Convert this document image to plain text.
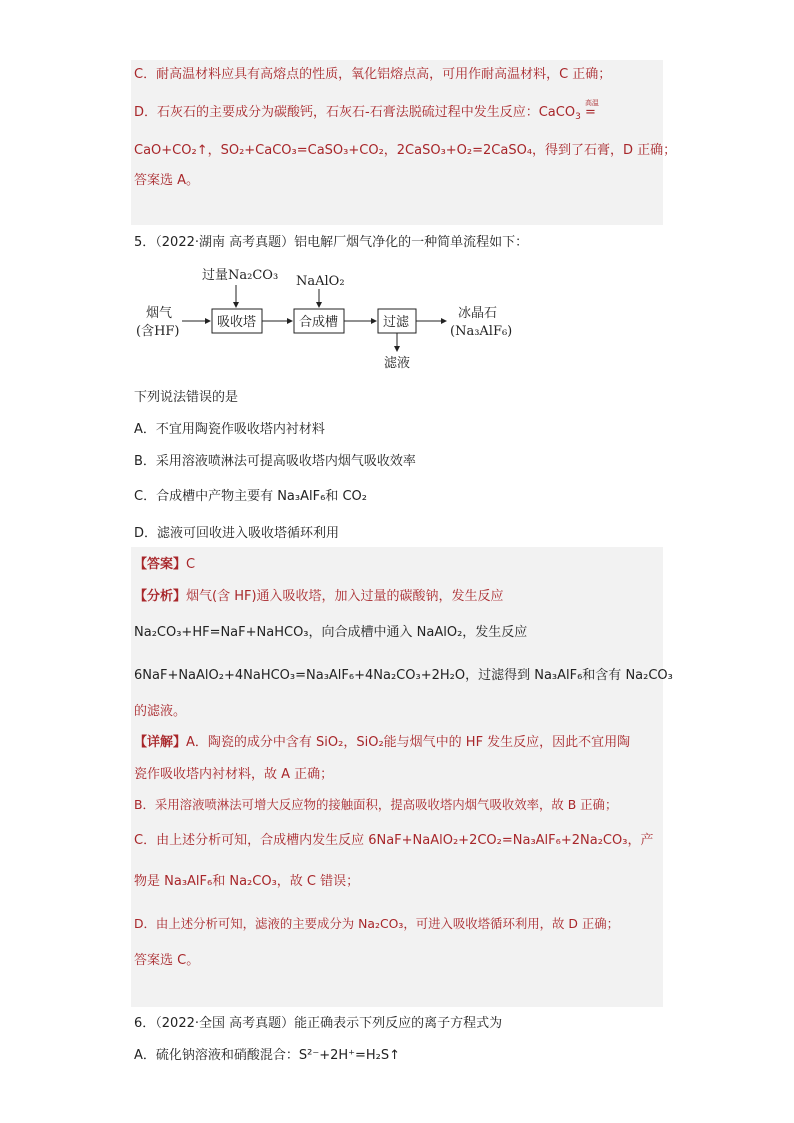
C．耐高温材料应具有高熔点的性质，氧化铝熔点高，可用作耐高温材料，C 正确；
D．石灰石的主要成分为碳酸钙，石灰石-石膏法脱硫过程中发生反应：CaCO$_3$
高温
=
CaO+CO₂↑，SO₂+CaCO₃=CaSO₃+CO₂，2CaSO₃+O₂=2CaSO₄，得到了石膏，D 正确；
答案选 A。
5．（2022·湖南 高考真题）铝电解厂烟气净化的一种简单流程如下：
过量Na₂CO₃ NaAlO₂
烟气
(含HF)
吸收塔	合成槽	过滤
滤液
冰晶石
(Na₃AlF₆)
下列说法错误的是
A．不宜用陶瓷作吸收塔内衬材料
B．采用溶液喷淋法可提高吸收塔内烟气吸收效率
C．合成槽中产物主要有 Na₃AlF₆和 CO₂
D．滤液可回收进入吸收塔循环利用
【答案】C
【分析】烟气(含 HF)通入吸收塔，加入过量的碳酸钠，发生反应
Na₂CO₃+HF=NaF+NaHCO₃，向合成槽中通入 NaAlO₂，发生反应
6NaF+NaAlO₂+4NaHCO₃=Na₃AlF₆+4Na₂CO₃+2H₂O，过滤得到 Na₃AlF₆和含有 Na₂CO₃
的滤液。
【详解】A．陶瓷的成分中含有 SiO₂，SiO₂能与烟气中的 HF 发生反应，因此不宜用陶
瓷作吸收塔内衬材料，故 A 正确；
B．采用溶液喷淋法可增大反应物的接触面积，提高吸收塔内烟气吸收效率，故 B 正确；
C．由上述分析可知，合成槽内发生反应 6NaF+NaAlO₂+2CO₂=Na₃AlF₆+2Na₂CO₃，产
物是 Na₃AlF₆和 Na₂CO₃，故 C 错误；
D．由上述分析可知，滤液的主要成分为 Na₂CO₃，可进入吸收塔循环利用，故 D 正确；
答案选 C。
6．（2022·全国 高考真题）能正确表示下列反应的离子方程式为
A．硫化钠溶液和硝酸混合：S²⁻+2H⁺=H₂S↑
